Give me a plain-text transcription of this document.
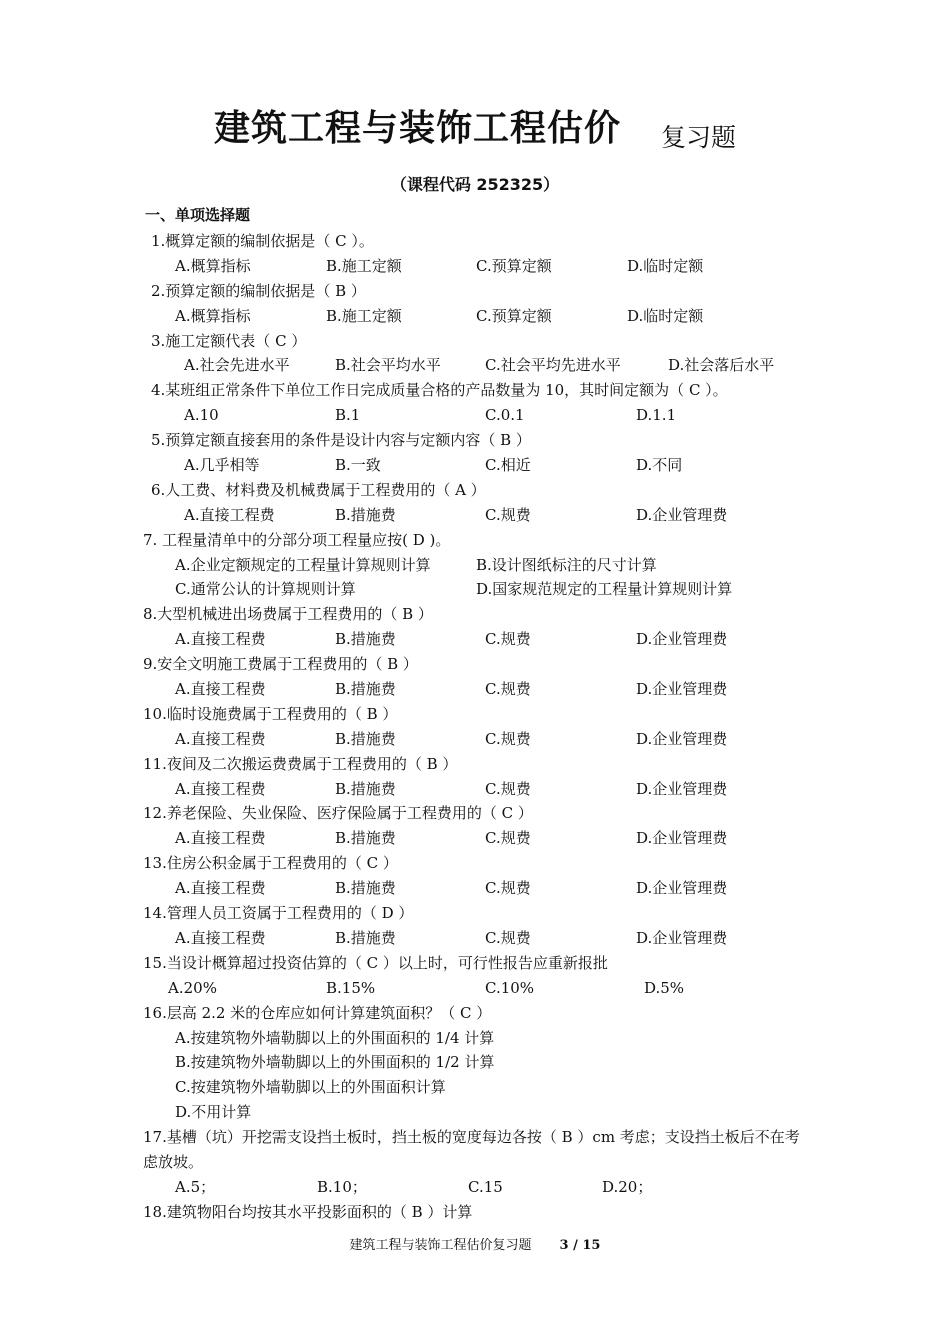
建筑工程与装饰工程估价 复习题
（课程代码 252325）
一、单项选择题
1.概算定额的编制依据是（ C ）。
A.概算指标	B.施工定额	C.预算定额	D.临时定额
2.预算定额的编制依据是（ B ）
A.概算指标	B.施工定额	C.预算定额	D.临时定额
3.施工定额代表（ C ）
A.社会先进水平	B.社会平均水平	C.社会平均先进水平	D.社会落后水平
4.某班组正常条件下单位工作日完成质量合格的产品数量为 10，其时间定额为（ C ）。
A.10	B.1	C.0.1	D.1.1
5.预算定额直接套用的条件是设计内容与定额内容（ B ）
A.几乎相等	B.一致	C.相近	D.不同
6.人工费、材料费及机械费属于工程费用的（ A ）
A.直接工程费	B.措施费	C.规费	D.企业管理费
7. 工程量清单中的分部分项工程量应按( D )。
A.企业定额规定的工程量计算规则计算	B.设计图纸标注的尺寸计算
C.通常公认的计算规则计算	D.国家规范规定的工程量计算规则计算
8.大型机械进出场费属于工程费用的（ B ）
A.直接工程费	B.措施费	C.规费	D.企业管理费
9.安全文明施工费属于工程费用的（ B ）
A.直接工程费	B.措施费	C.规费	D.企业管理费
10.临时设施费属于工程费用的（ B ）
A.直接工程费	B.措施费	C.规费	D.企业管理费
11.夜间及二次搬运费费属于工程费用的（ B ）
A.直接工程费	B.措施费	C.规费	D.企业管理费
12.养老保险、失业保险、医疗保险属于工程费用的（ C ）
A.直接工程费	B.措施费	C.规费	D.企业管理费
13.住房公积金属于工程费用的（ C ）
A.直接工程费	B.措施费	C.规费	D.企业管理费
14.管理人员工资属于工程费用的（ D ）
A.直接工程费	B.措施费	C.规费	D.企业管理费
15.当设计概算超过投资估算的（ C ）以上时，可行性报告应重新报批
A.20%	B.15%	C.10%	D.5%
16.层高 2.2 米的仓库应如何计算建筑面积？（ C ）
A.按建筑物外墙勒脚以上的外围面积的 1/4 计算
B.按建筑物外墙勒脚以上的外围面积的 1/2 计算
C.按建筑物外墙勒脚以上的外围面积计算
D.不用计算
17.基槽（坑）开挖需支设挡土板时，挡土板的宽度每边各按（ B ）cm 考虑；支设挡土板后不在考虑放坡。
A.5；	B.10；	C.15	D.20；
18.建筑物阳台均按其水平投影面积的（ B ）计算
建筑工程与装饰工程估价复习题 3 / 15
